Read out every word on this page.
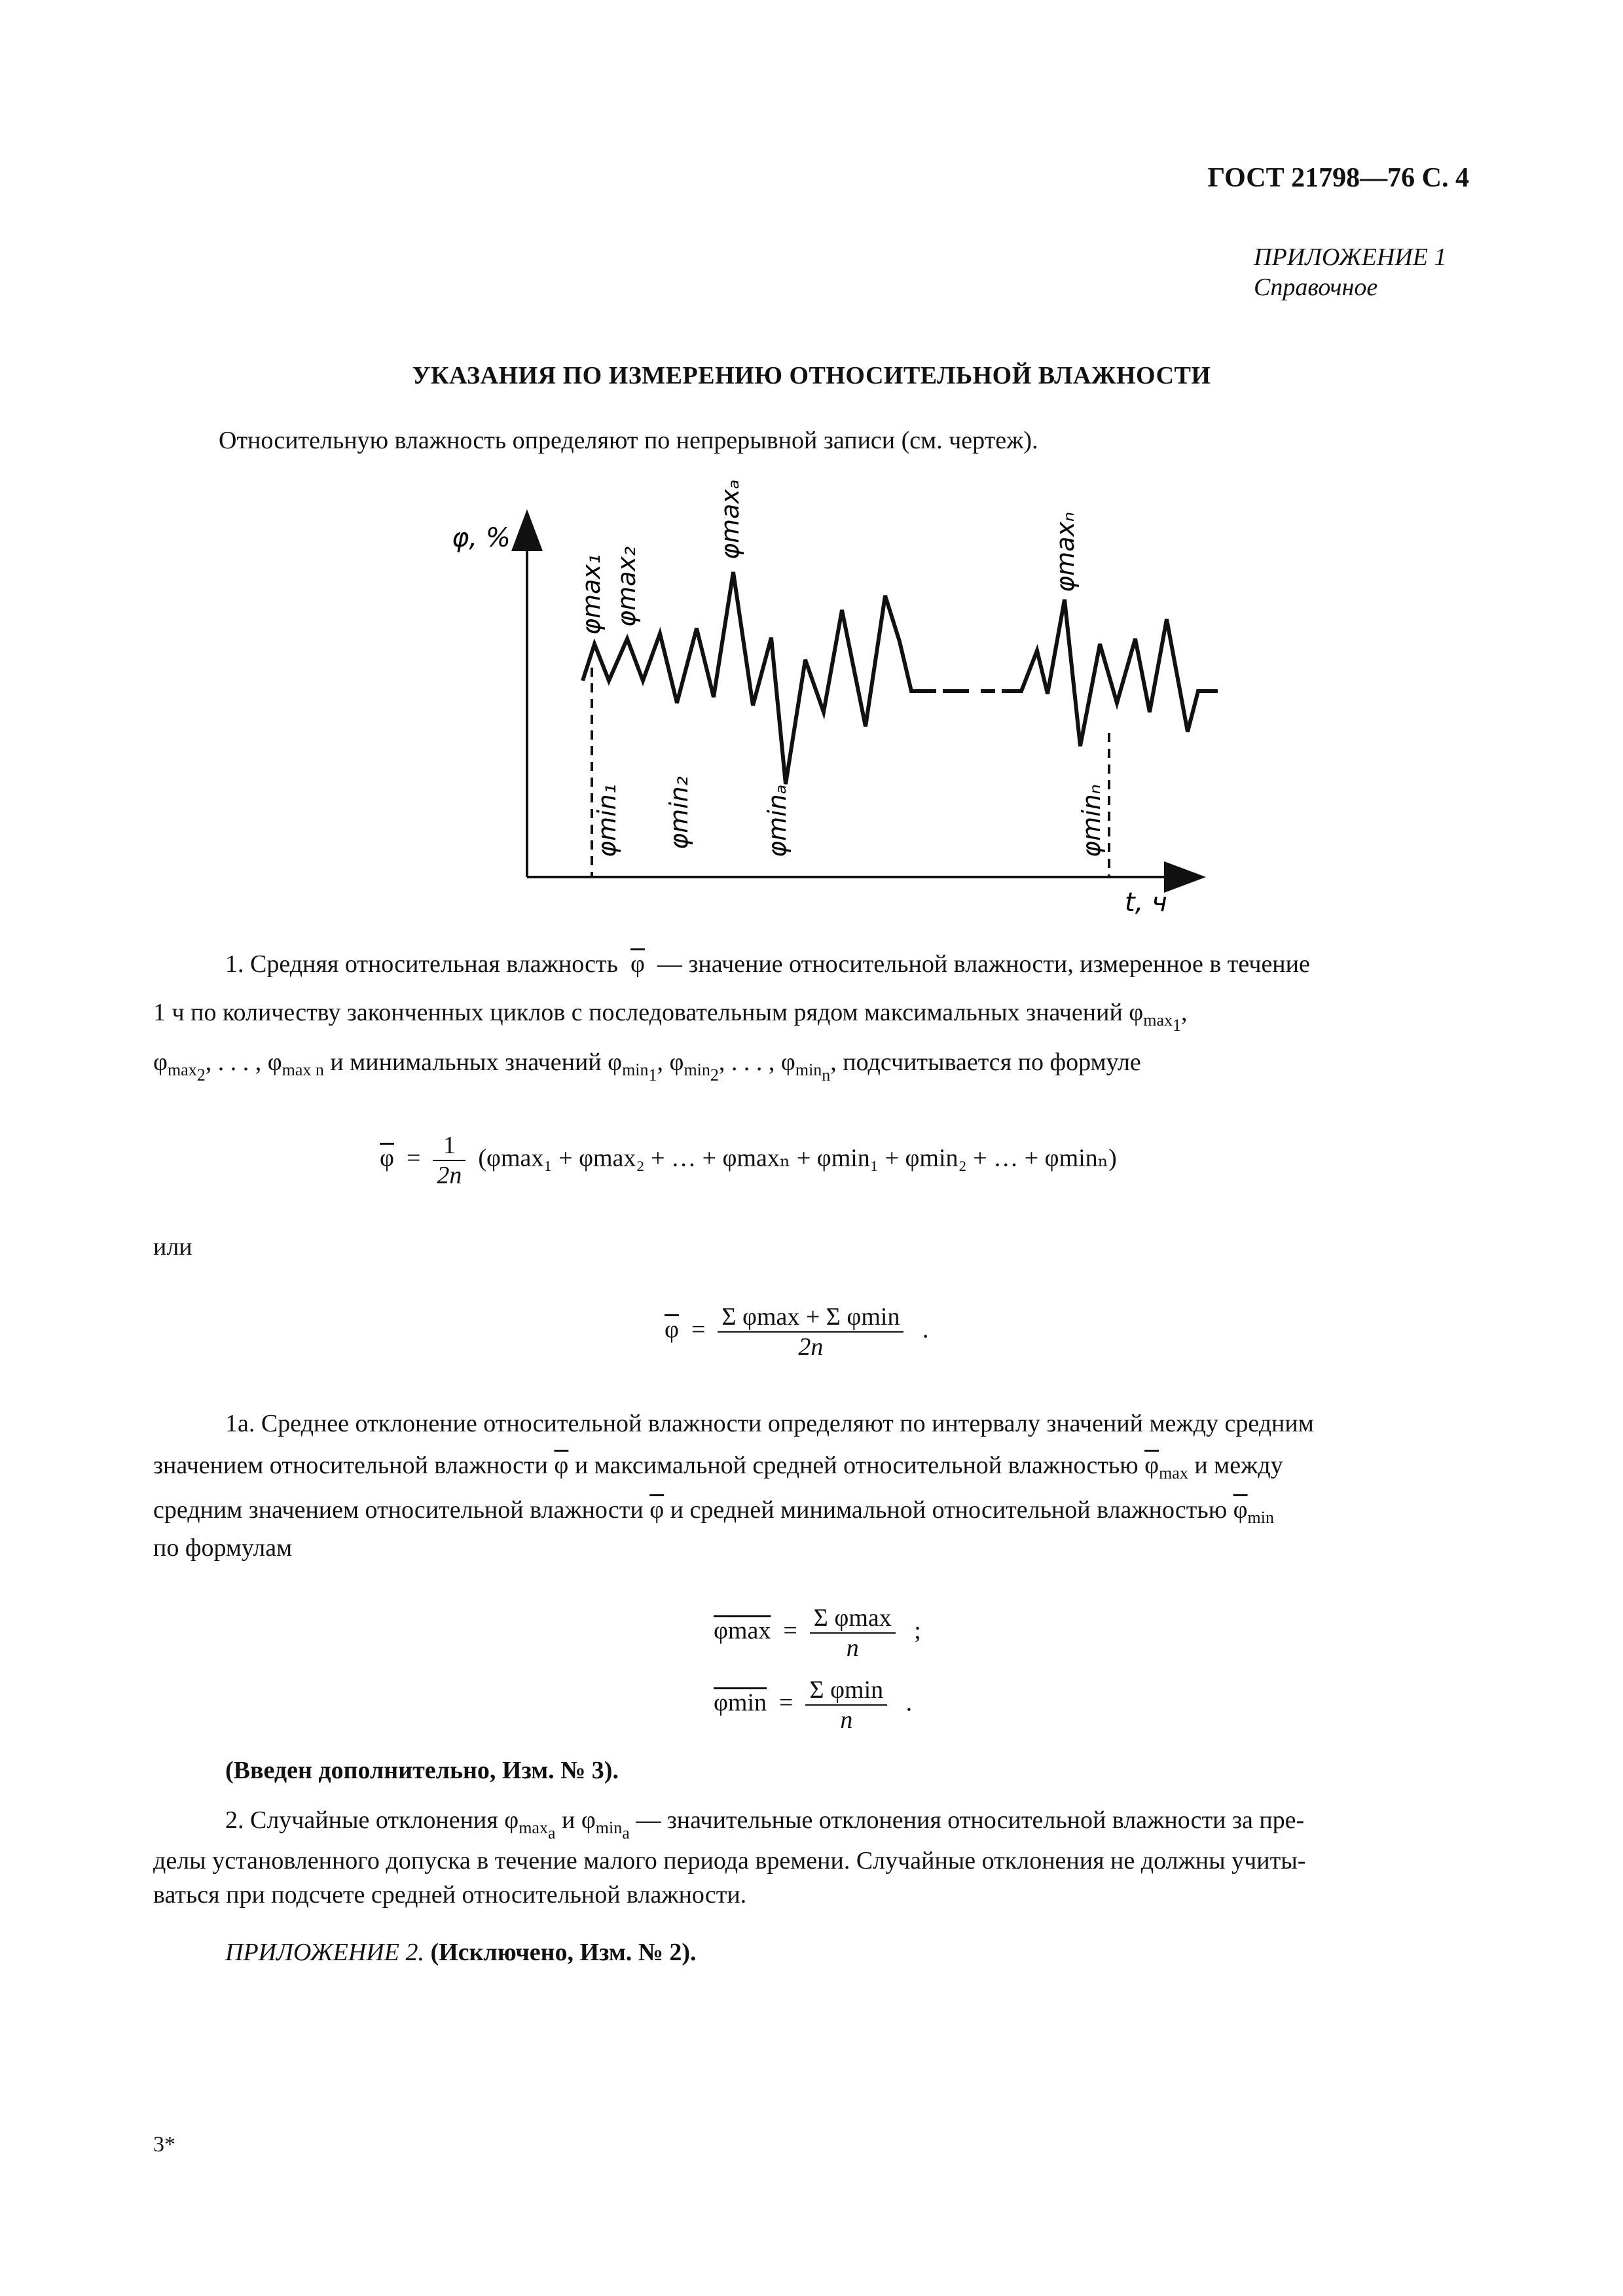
ГОСТ 21798—76 С. 4
ПРИЛОЖЕНИЕ 1
Справочное
УКАЗАНИЯ ПО ИЗМЕРЕНИЮ ОТНОСИТЕЛЬНОЙ ВЛАЖНОСТИ
Относительную влажность определяют по непрерывной записи (см. чертеж).
φ, %
t, ч
φmax₁ φmax₂
φmaxₐ	φmaxₙ
φmin₁ φmin₂	φminₐ	φminₙ
1. Средняя относительная влажность $\overline{\varphi}$ — значение относительной влажности, измеренное в течение
1 ч по количеству законченных циклов с последовательным рядом максимальных значений $\varphi_{max_1}$,
$\varphi_{max_2}$, . . . , $\varphi_{max n}$ и минимальных значений $\varphi_{min_1}$, $\varphi_{min_2}$, . . . , $\varphi_{min_n}$, подсчитывается по формуле
$\overline{\varphi} = \frac{1}{2n} (\varphi\max_1 + \varphi\max_2$ + … + φmaxₙ + φmin₁ + φmin₂ + … + φminₙ)
или
$\overline{\varphi} = \frac{\text{Σ φmax + Σ φmin}}{2n}$ .
1а. Среднее отклонение относительной влажности определяют по интервалу значений между средним
значением относительной влажности $\overline{\varphi}$ и максимальной средней относительной влажностью $\overline{\varphi}_{max}$ и между
средним значением относительной влажности $\overline{\varphi}$ и средней минимальной относительной влажностью $\overline{\varphi}_{min}$
по формулам
$\varphi\max = \frac{\text{Σ φmax}}{n}$ ;
$\varphi\min = \frac{\text{Σ φmin}}{n}$ .
(Введен дополнительно, Изм. № 3).
2. Случайные отклонения $\varphi_{max_a}$ и $\varphi_{min_a}$ — значительные отклонения относительной влажности за пре-
делы установленного допуска в течение малого периода времени. Случайные отклонения не должны учиты-
ваться при подсчете средней относительной влажности.
ПРИЛОЖЕНИЕ 2. (Исключено, Изм. № 2).
3*
